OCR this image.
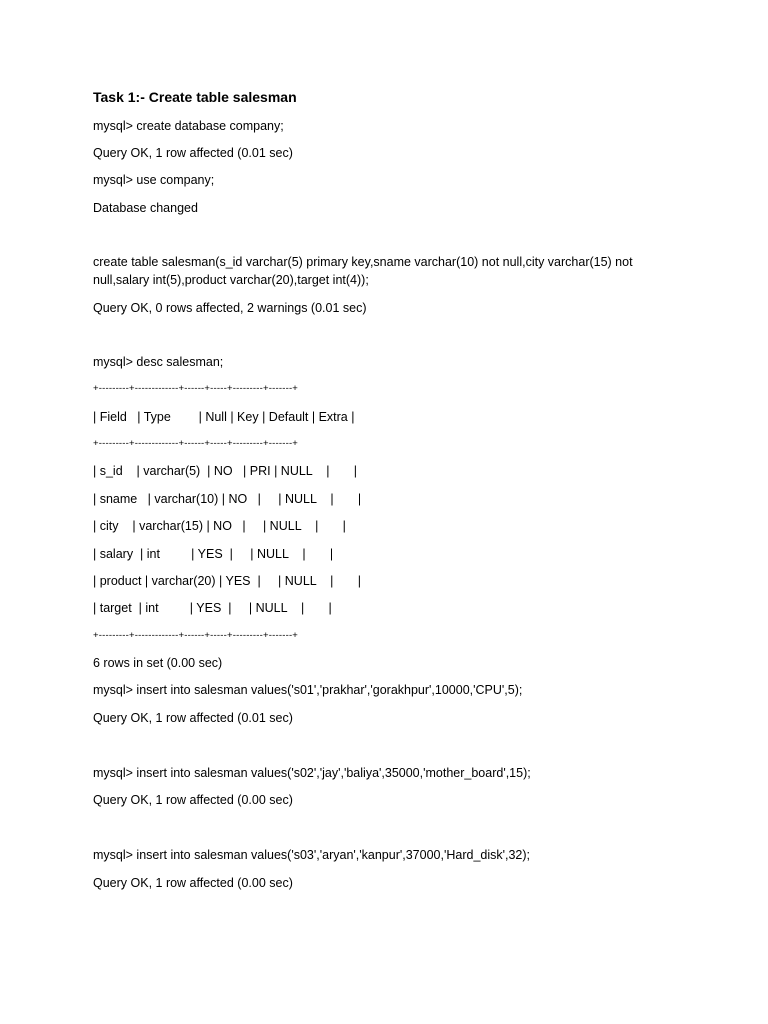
Task 1:- Create table salesman
mysql> create database company;
Query OK, 1 row affected (0.01 sec)
mysql> use company;
Database changed
create table salesman(s_id varchar(5) primary key,sname varchar(10) not null,city varchar(15) not null,salary int(5),product varchar(20),target int(4));
Query OK, 0 rows affected, 2 warnings (0.01 sec)
mysql> desc salesman;
+---------+-------------+------+-----+---------+-------+
| Field   | Type        | Null | Key | Default | Extra |
+---------+-------------+------+-----+---------+-------+
| s_id    | varchar(5)  | NO   | PRI | NULL    |       |
| sname   | varchar(10) | NO   |     | NULL    |       |
| city    | varchar(15) | NO   |     | NULL    |       |
| salary  | int         | YES  |     | NULL    |       |
| product | varchar(20) | YES  |     | NULL    |       |
| target  | int         | YES  |     | NULL    |       |
+---------+-------------+------+-----+---------+-------+
6 rows in set (0.00 sec)
mysql> insert into salesman values('s01','prakhar','gorakhpur',10000,'CPU',5);
Query OK, 1 row affected (0.01 sec)
mysql> insert into salesman values('s02','jay','baliya',35000,'mother_board',15);
Query OK, 1 row affected (0.00 sec)
mysql> insert into salesman values('s03','aryan','kanpur',37000,'Hard_disk',32);
Query OK, 1 row affected (0.00 sec)
